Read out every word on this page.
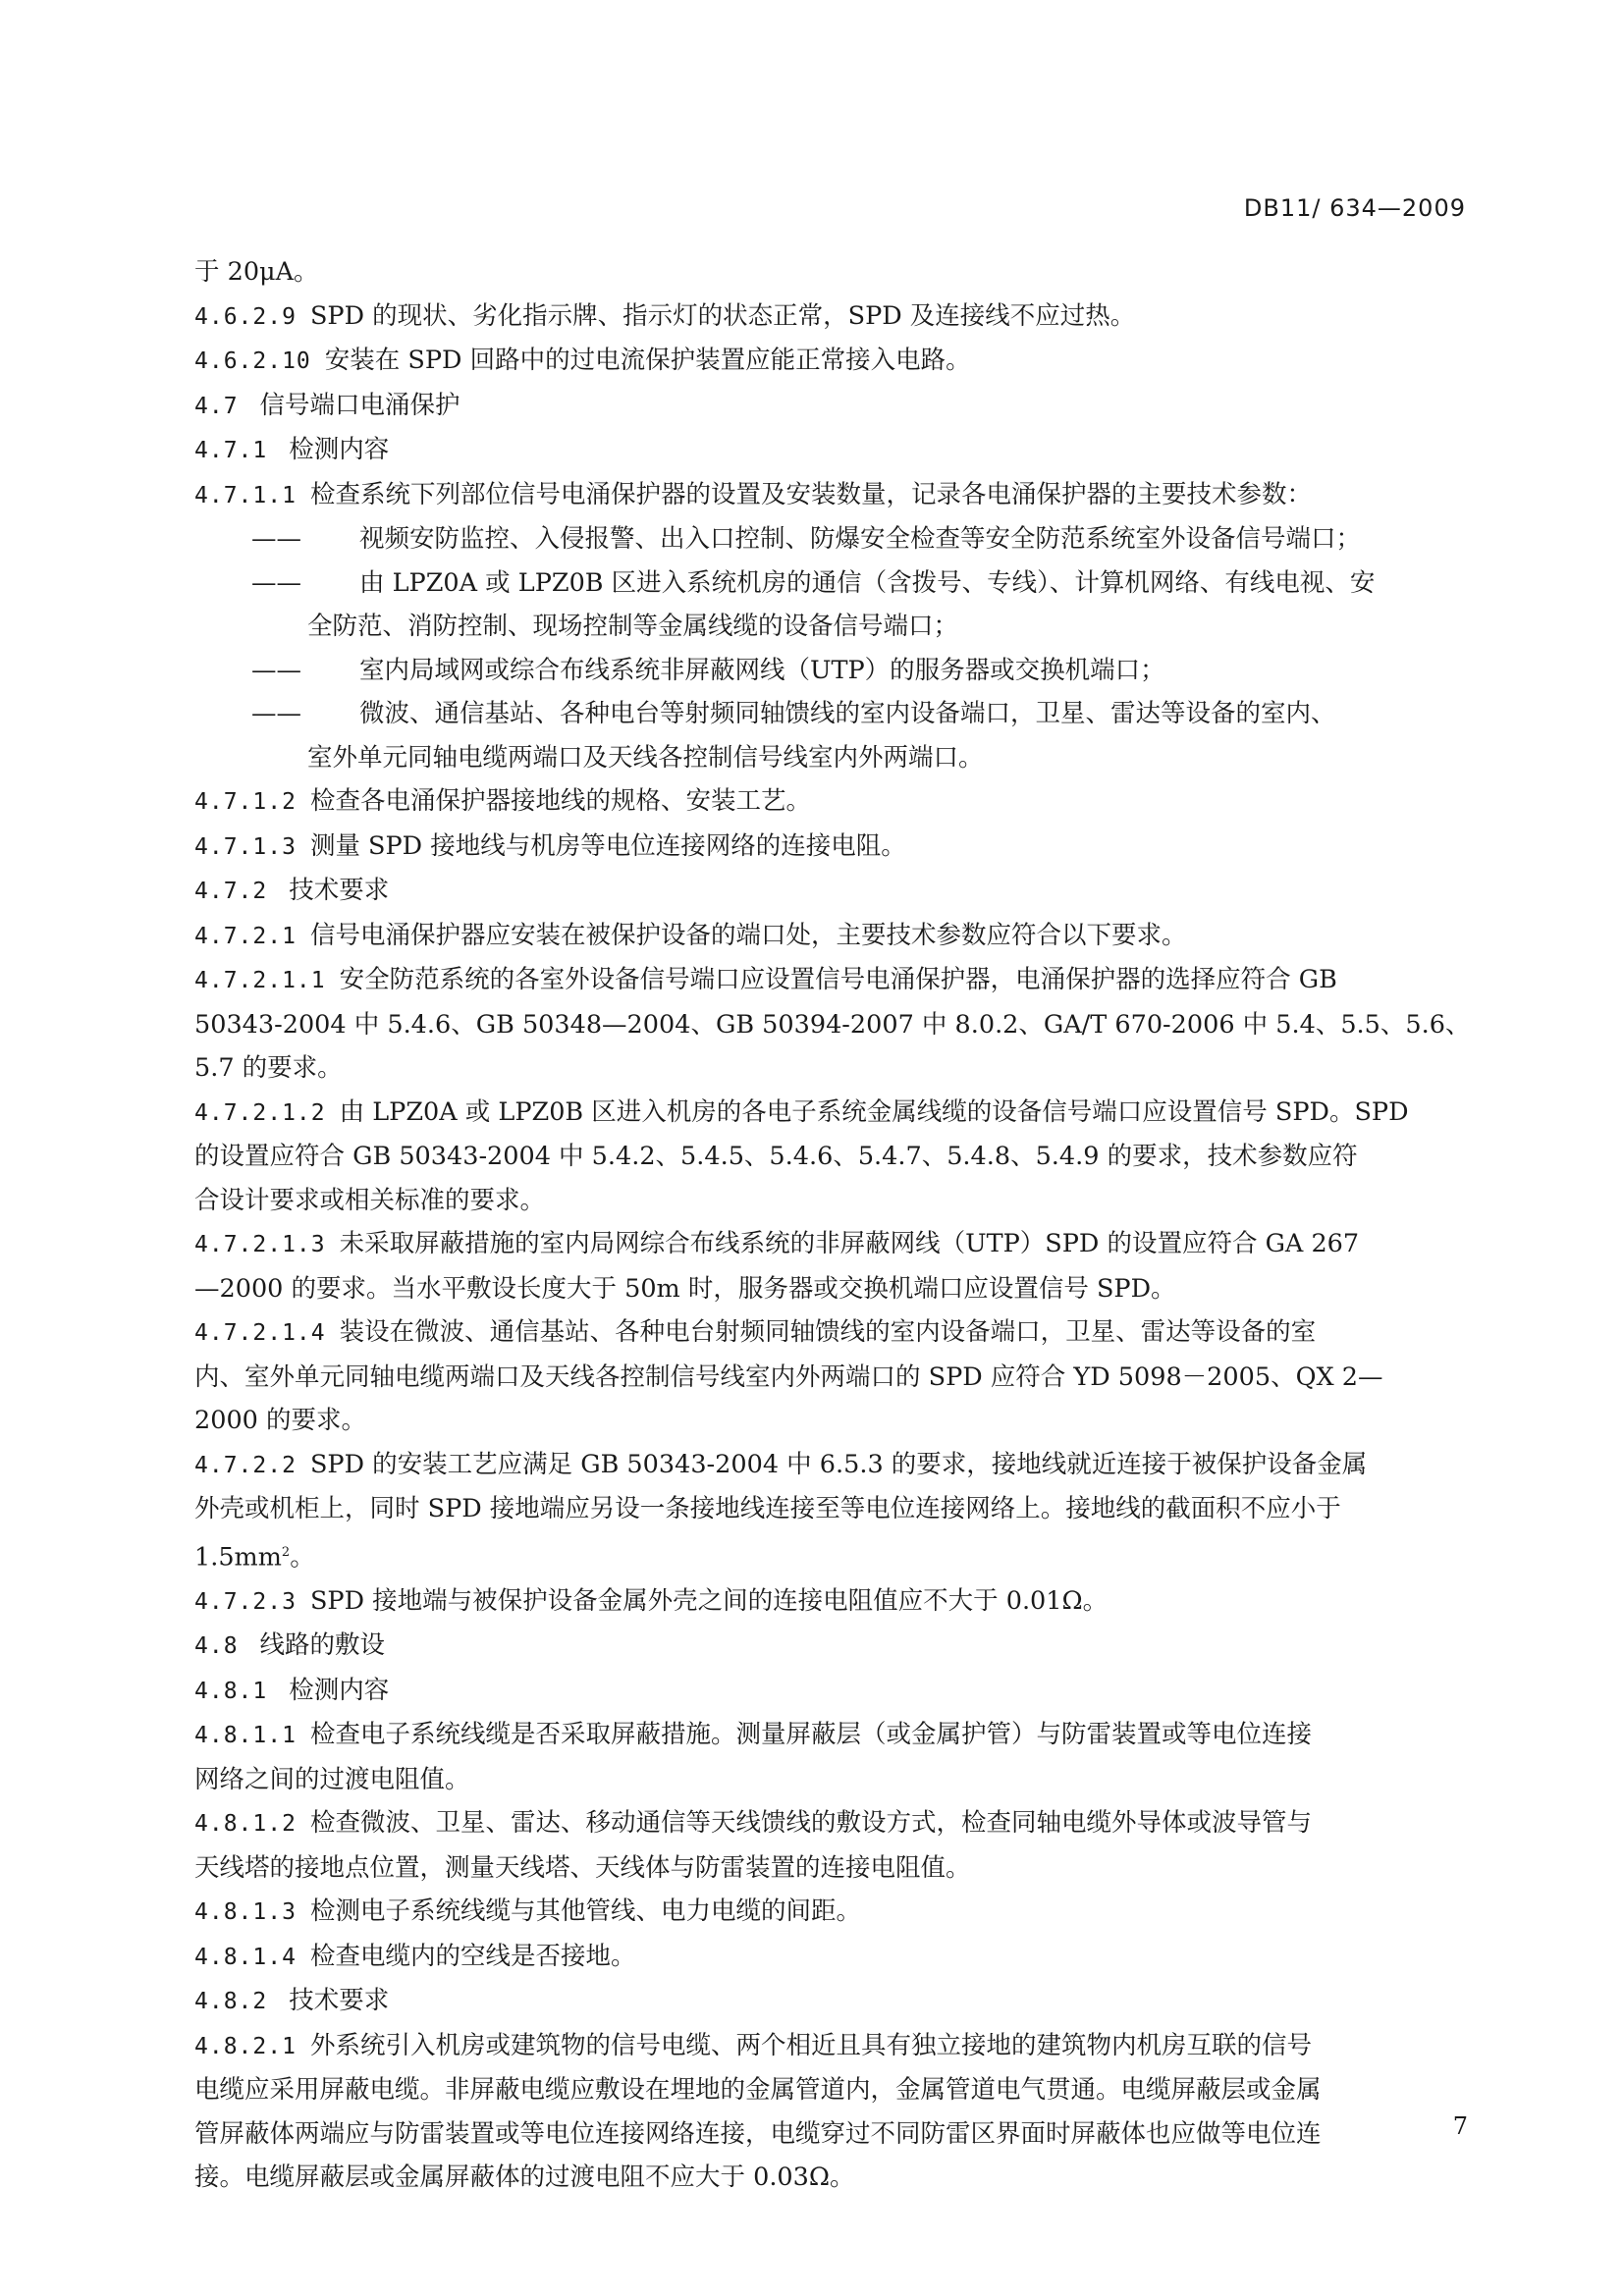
DB11/ 634—2009
于 20μA。
4.6.2.9 SPD 的现状、劣化指示牌、指示灯的状态正常，SPD 及连接线不应过热。
4.6.2.10 安装在 SPD 回路中的过电流保护装置应能正常接入电路。
4.7 信号端口电涌保护
4.7.1 检测内容
4.7.1.1 检查系统下列部位信号电涌保护器的设置及安装数量，记录各电涌保护器的主要技术参数：
—— 视频安防监控、入侵报警、出入口控制、防爆安全检查等安全防范系统室外设备信号端口；
—— 由 LPZ0A 或 LPZ0B 区进入系统机房的通信（含拨号、专线）、计算机网络、有线电视、安
全防范、消防控制、现场控制等金属线缆的设备信号端口；
—— 室内局域网或综合布线系统非屏蔽网线（UTP）的服务器或交换机端口；
—— 微波、通信基站、各种电台等射频同轴馈线的室内设备端口，卫星、雷达等设备的室内、
室外单元同轴电缆两端口及天线各控制信号线室内外两端口。
4.7.1.2 检查各电涌保护器接地线的规格、安装工艺。
4.7.1.3 测量 SPD 接地线与机房等电位连接网络的连接电阻。
4.7.2 技术要求
4.7.2.1 信号电涌保护器应安装在被保护设备的端口处，主要技术参数应符合以下要求。
4.7.2.1.1 安全防范系统的各室外设备信号端口应设置信号电涌保护器，电涌保护器的选择应符合 GB
50343-2004 中 5.4.6、GB 50348—2004、GB 50394-2007 中 8.0.2、GA/T 670-2006 中 5.4、5.5、5.6、
5.7 的要求。
4.7.2.1.2 由 LPZ0A 或 LPZ0B 区进入机房的各电子系统金属线缆的设备信号端口应设置信号 SPD。SPD
的设置应符合 GB 50343-2004 中 5.4.2、5.4.5、5.4.6、5.4.7、5.4.8、5.4.9 的要求，技术参数应符
合设计要求或相关标准的要求。
4.7.2.1.3 未采取屏蔽措施的室内局网综合布线系统的非屏蔽网线（UTP）SPD 的设置应符合 GA 267
—2000 的要求。当水平敷设长度大于 50m 时，服务器或交换机端口应设置信号 SPD。
4.7.2.1.4 装设在微波、通信基站、各种电台射频同轴馈线的室内设备端口，卫星、雷达等设备的室
内、室外单元同轴电缆两端口及天线各控制信号线室内外两端口的 SPD 应符合 YD 5098－2005、QX 2—
2000 的要求。
4.7.2.2 SPD 的安装工艺应满足 GB 50343-2004 中 6.5.3 的要求，接地线就近连接于被保护设备金属
外壳或机柜上，同时 SPD 接地端应另设一条接地线连接至等电位连接网络上。接地线的截面积不应小于
$1.5mm^2$。
4.7.2.3 SPD 接地端与被保护设备金属外壳之间的连接电阻值应不大于 0.01Ω。
4.8 线路的敷设
4.8.1 检测内容
4.8.1.1 检查电子系统线缆是否采取屏蔽措施。测量屏蔽层（或金属护管）与防雷装置或等电位连接
网络之间的过渡电阻值。
4.8.1.2 检查微波、卫星、雷达、移动通信等天线馈线的敷设方式，检查同轴电缆外导体或波导管与
天线塔的接地点位置，测量天线塔、天线体与防雷装置的连接电阻值。
4.8.1.3 检测电子系统线缆与其他管线、电力电缆的间距。
4.8.1.4 检查电缆内的空线是否接地。
4.8.2 技术要求
4.8.2.1 外系统引入机房或建筑物的信号电缆、两个相近且具有独立接地的建筑物内机房互联的信号
电缆应采用屏蔽电缆。非屏蔽电缆应敷设在埋地的金属管道内，金属管道电气贯通。电缆屏蔽层或金属
管屏蔽体两端应与防雷装置或等电位连接网络连接，电缆穿过不同防雷区界面时屏蔽体也应做等电位连
接。电缆屏蔽层或金属屏蔽体的过渡电阻不应大于 0.03Ω。
7
